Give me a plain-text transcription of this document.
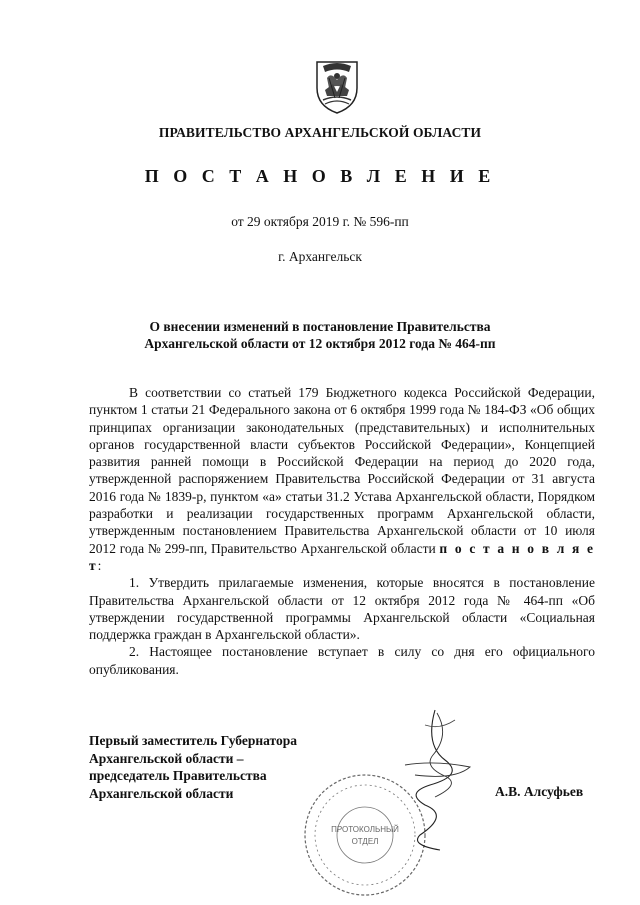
ПРАВИТЕЛЬСТВО АРХАНГЕЛЬСКОЙ ОБЛАСТИ
П О С Т А Н О В Л Е Н И Е
от 29 октября 2019 г. № 596-пп
г. Архангельск
О внесении изменений в постановление Правительства
Архангельской области от 12 октября 2012 года № 464-пп

В соответствии со статьей 179 Бюджетного кодекса Российской Федерации, пунктом 1 статьи 21 Федерального закона от 6 октября 1999 года № 184-ФЗ «Об общих принципах организации законодательных (представительных) и исполнительных органов государственной власти субъектов Российской Федерации», Концепцией развития ранней помощи в Российской Федерации на период до 2020 года, утвержденной распоряжением Правительства Российской Федерации от 31 августа 2016 года № 1839-р, пунктом «а» статьи 31.2 Устава Архангельской области, Порядком разработки и реализации государственных программ Архангельской области, утвержденным постановлением Правительства Архангельской области от 10 июля 2012 года № 299-пп, Правительство Архангельской области п о с т а н о в л я е т:

1. Утвердить прилагаемые изменения, которые вносятся в постановление Правительства Архангельской области от 12 октября 2012 года № 464-пп «Об утверждении государственной программы Архангельской области «Социальная поддержка граждан в Архангельской области».

2. Настоящее постановление вступает в силу со дня его официального опубликования.

Первый заместитель Губернатора
Архангельской области –
председатель Правительства
Архангельской области	А.В. Алсуфьев
ПРОТОКОЛЬНЫЙ
ОТДЕЛ
